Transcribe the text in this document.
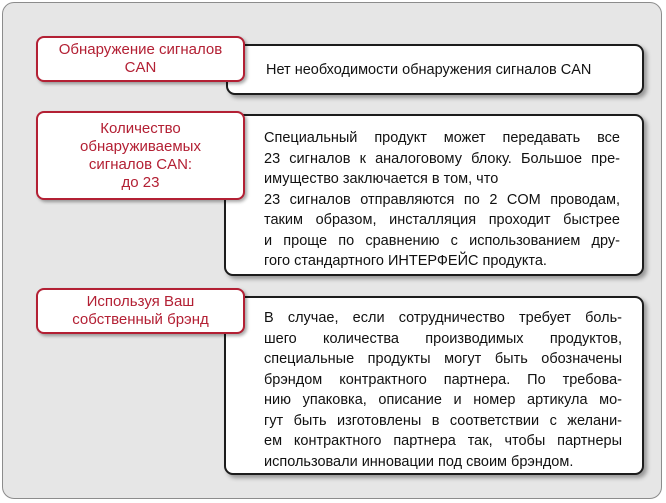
Нет необходимости обнаружения сигналов CAN
Обнаружение сигналов
CAN
Специальный продукт может передавать все
23 сигналов к аналоговому блоку. Большое пре-
имущество заключается в том, что
23 сигналов отправляются по 2 COM проводам,
таким образом, инсталляция проходит быстрее
и проще по сравнению с использованием дру-
гого стандартного ИНТЕРФЕЙС продукта.
Количество
обнаруживаемых
сигналов CAN:
до 23
В случае, если сотрудничество требует боль-
шего количества производимых продуктов,
специальные продукты могут быть обозначены
брэндом контрактного партнера. По требова-
нию упаковка, описание и номер артикула мо-
гут быть изготовлены в соответствии с желани-
ем контрактного партнера так, чтобы партнеры
использовали инновации под своим брэндом.
Используя Ваш
собственный брэнд
